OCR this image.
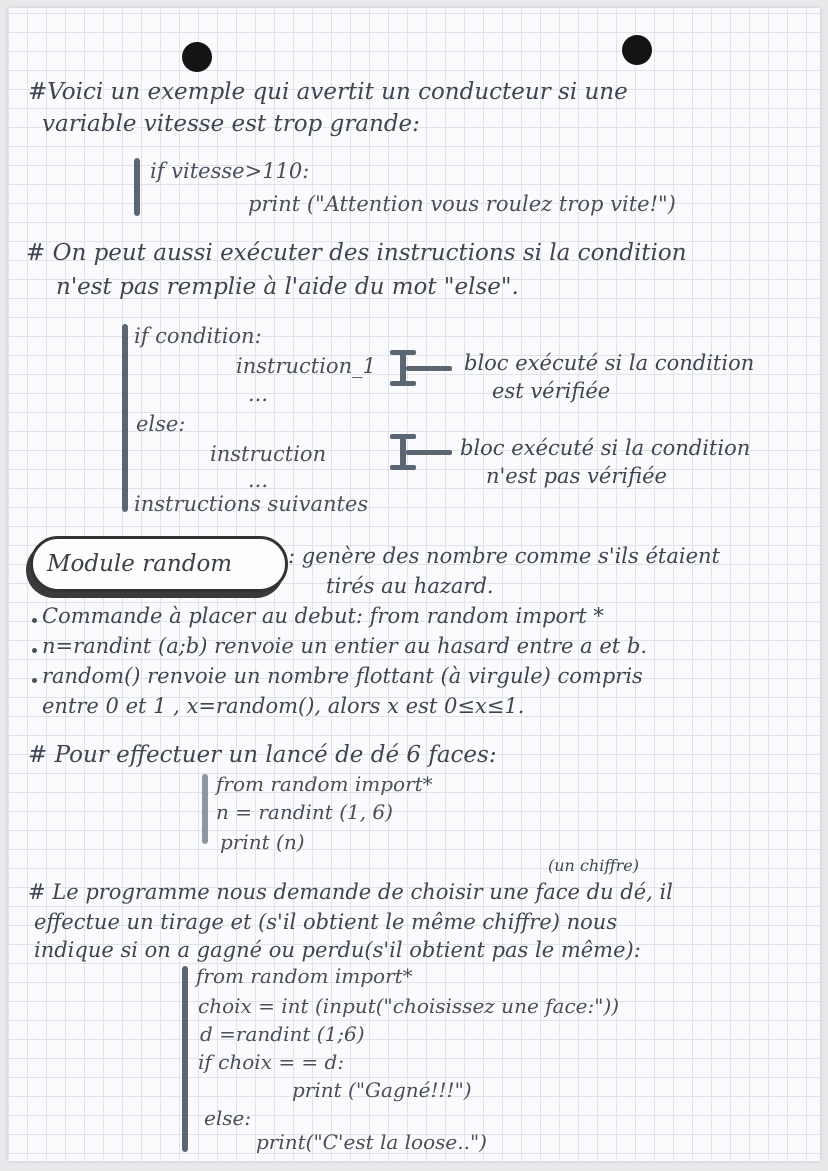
#Voici un exemple qui avertit un conducteur si une
variable vitesse est trop grande:
if vitesse>110:
print ("Attention vous roulez trop vite!")
# On peut aussi exécuter des instructions si la condition
n'est pas remplie à l'aide du mot "else".
if condition:
instruction_1
...
else:
instruction
...
instructions suivantes
bloc exécuté si la condition
est vérifiée
bloc exécuté si la condition
n'est pas vérifiée
Module random	: genère des nombre comme s'ils étaient
tirés au hazard.
Commande à placer au debut: from random import *
n=randint (a;b) renvoie un entier au hasard entre a et b.
random() renvoie un nombre flottant (à virgule) compris
entre 0 et 1 , x=random(), alors x est 0≤x≤1.
# Pour effectuer un lancé de dé 6 faces:
from random import*
n = randint (1, 6)
print (n)
(un chiffre)
# Le programme nous demande de choisir une face du dé, il
effectue un tirage et (s'il obtient le même chiffre) nous
indique si on a gagné ou perdu(s'il obtient pas le même):
from random import*
choix = int (input("choisissez une face:"))
d =randint (1;6)
if choix = = d:
print ("Gagné!!!")
else:
print("C'est la loose..")
